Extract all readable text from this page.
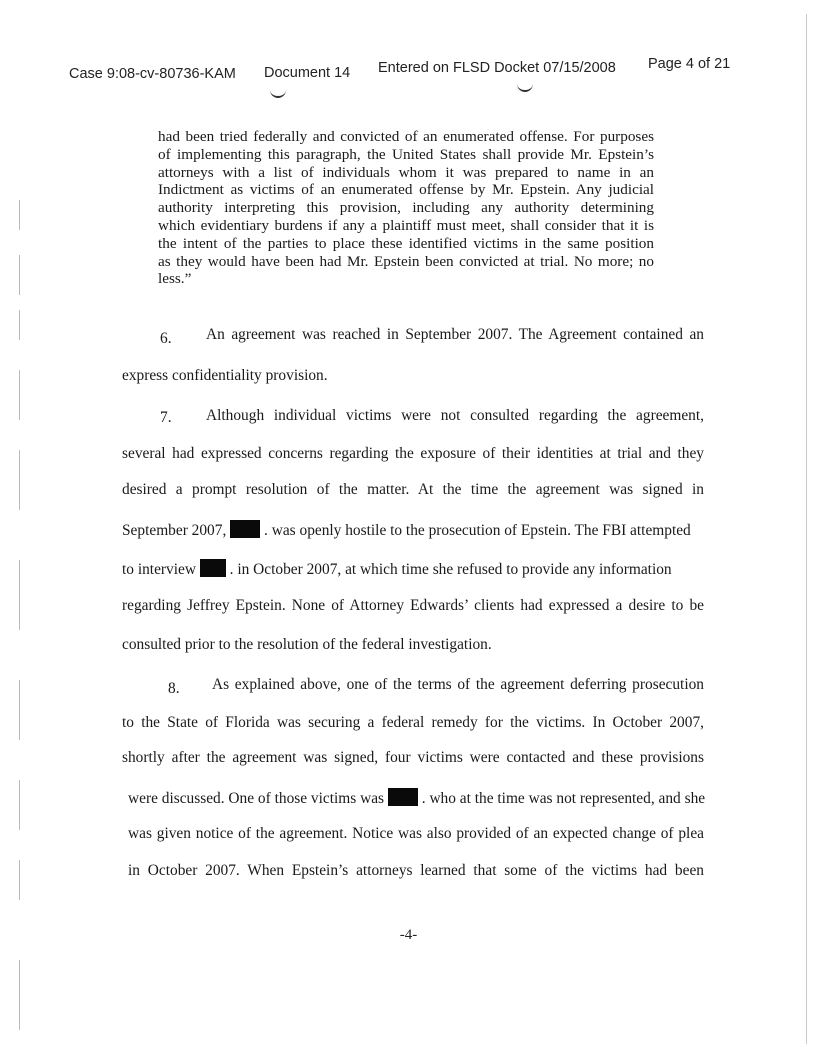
Case 9:08-cv-80736-KAM Document 14 Entered on FLSD Docket 07/15/2008 Page 4 of 21
had been tried federally and convicted of an enumerated offense. For purposes
of implementing this paragraph, the United States shall provide Mr. Epstein’s
attorneys with a list of individuals whom it was prepared to name in an
Indictment as victims of an enumerated offense by Mr. Epstein. Any judicial
authority interpreting this provision, including any authority determining
which evidentiary burdens if any a plaintiff must meet, shall consider that it is
the intent of the parties to place these identified victims in the same position
as they would have been had Mr. Epstein been convicted at trial. No more; no
less.”
6. An agreement was reached in September 2007. The Agreement contained an
express confidentiality provision.
7. Although individual victims were not consulted regarding the agreement,
several had expressed concerns regarding the exposure of their identities at trial and they
desired a prompt resolution of the matter. At the time the agreement was signed in
September 2007, . was openly hostile to the prosecution of Epstein. The FBI attempted
to interview . in October 2007, at which time she refused to provide any information
regarding Jeffrey Epstein. None of Attorney Edwards’ clients had expressed a desire to be
consulted prior to the resolution of the federal investigation.
8. As explained above, one of the terms of the agreement deferring prosecution
to the State of Florida was securing a federal remedy for the victims. In October 2007,
shortly after the agreement was signed, four victims were contacted and these provisions
were discussed. One of those victims was . who at the time was not represented, and she
was given notice of the agreement. Notice was also provided of an expected change of plea
in October 2007. When Epstein’s attorneys learned that some of the victims had been
-4-
